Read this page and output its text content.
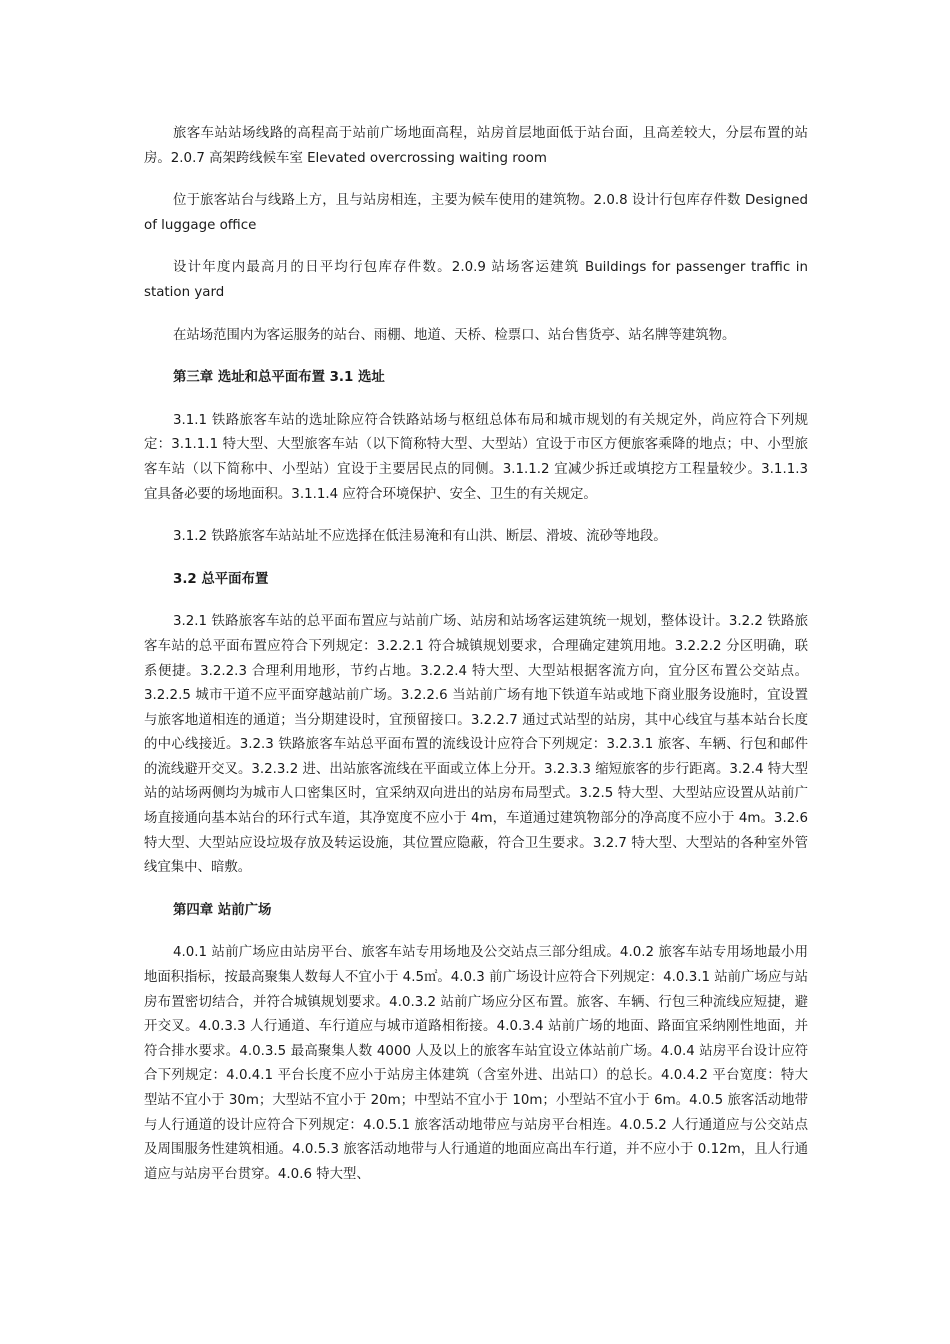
旅客车站站场线路的高程高于站前广场地面高程，站房首层地面低于站台面，且高差较大，分层布置的站房。2.0.7 高架跨线候车室 Elevated overcrossing waiting room

位于旅客站台与线路上方，且与站房相连，主要为候车使用的建筑物。2.0.8 设计行包库存件数 Designed of luggage office

设计年度内最高月的日平均行包库存件数。2.0.9 站场客运建筑 Buildings for passenger traffic in station yard

在站场范围内为客运服务的站台、雨棚、地道、天桥、检票口、站台售货亭、站名牌等建筑物。

第三章 选址和总平面布置 3.1 选址

3.1.1 铁路旅客车站的选址除应符合铁路站场与枢纽总体布局和城市规划的有关规定外，尚应符合下列规定：3.1.1.1 特大型、大型旅客车站（以下简称特大型、大型站）宜设于市区方便旅客乘降的地点；中、小型旅客车站（以下简称中、小型站）宜设于主要居民点的同侧。3.1.1.2 宜减少拆迁或填挖方工程量较少。3.1.1.3 宜具备必要的场地面积。3.1.1.4 应符合环境保护、安全、卫生的有关规定。

3.1.2 铁路旅客车站站址不应选择在低洼易淹和有山洪、断层、滑坡、流砂等地段。

3.2 总平面布置

3.2.1 铁路旅客车站的总平面布置应与站前广场、站房和站场客运建筑统一规划，整体设计。3.2.2 铁路旅客车站的总平面布置应符合下列规定：3.2.2.1 符合城镇规划要求，合理确定建筑用地。3.2.2.2 分区明确，联系便捷。3.2.2.3 合理利用地形，节约占地。3.2.2.4 特大型、大型站根据客流方向，宜分区布置公交站点。3.2.2.5 城市干道不应平面穿越站前广场。3.2.2.6 当站前广场有地下铁道车站或地下商业服务设施时，宜设置与旅客地道相连的通道；当分期建设时，宜预留接口。3.2.2.7 通过式站型的站房，其中心线宜与基本站台长度的中心线接近。3.2.3 铁路旅客车站总平面布置的流线设计应符合下列规定：3.2.3.1 旅客、车辆、行包和邮件的流线避开交叉。3.2.3.2 进、出站旅客流线在平面或立体上分开。3.2.3.3 缩短旅客的步行距离。3.2.4 特大型站的站场两侧均为城市人口密集区时，宜采纳双向进出的站房布局型式。3.2.5 特大型、大型站应设置从站前广场直接通向基本站台的环行式车道，其净宽度不应小于 4m，车道通过建筑物部分的净高度不应小于 4m。3.2.6 特大型、大型站应设垃圾存放及转运设施，其位置应隐蔽，符合卫生要求。3.2.7 特大型、大型站的各种室外管线宜集中、暗敷。

第四章 站前广场

4.0.1 站前广场应由站房平台、旅客车站专用场地及公交站点三部分组成。4.0.2 旅客车站专用场地最小用地面积指标，按最高聚集人数每人不宜小于 4.5㎡。4.0.3 前广场设计应符合下列规定：4.0.3.1 站前广场应与站房布置密切结合，并符合城镇规划要求。4.0.3.2 站前广场应分区布置。旅客、车辆、行包三种流线应短捷，避开交叉。4.0.3.3 人行通道、车行道应与城市道路相衔接。4.0.3.4 站前广场的地面、路面宜采纳刚性地面，并符合排水要求。4.0.3.5 最高聚集人数 4000 人及以上的旅客车站宜设立体站前广场。4.0.4 站房平台设计应符合下列规定：4.0.4.1 平台长度不应小于站房主体建筑（含室外进、出站口）的总长。4.0.4.2 平台宽度：特大型站不宜小于 30m；大型站不宜小于 20m；中型站不宜小于 10m；小型站不宜小于 6m。4.0.5 旅客活动地带与人行通道的设计应符合下列规定：4.0.5.1 旅客活动地带应与站房平台相连。4.0.5.2 人行通道应与公交站点及周围服务性建筑相通。4.0.5.3 旅客活动地带与人行通道的地面应高出车行道，并不应小于 0.12m，且人行通道应与站房平台贯穿。4.0.6 特大型、
